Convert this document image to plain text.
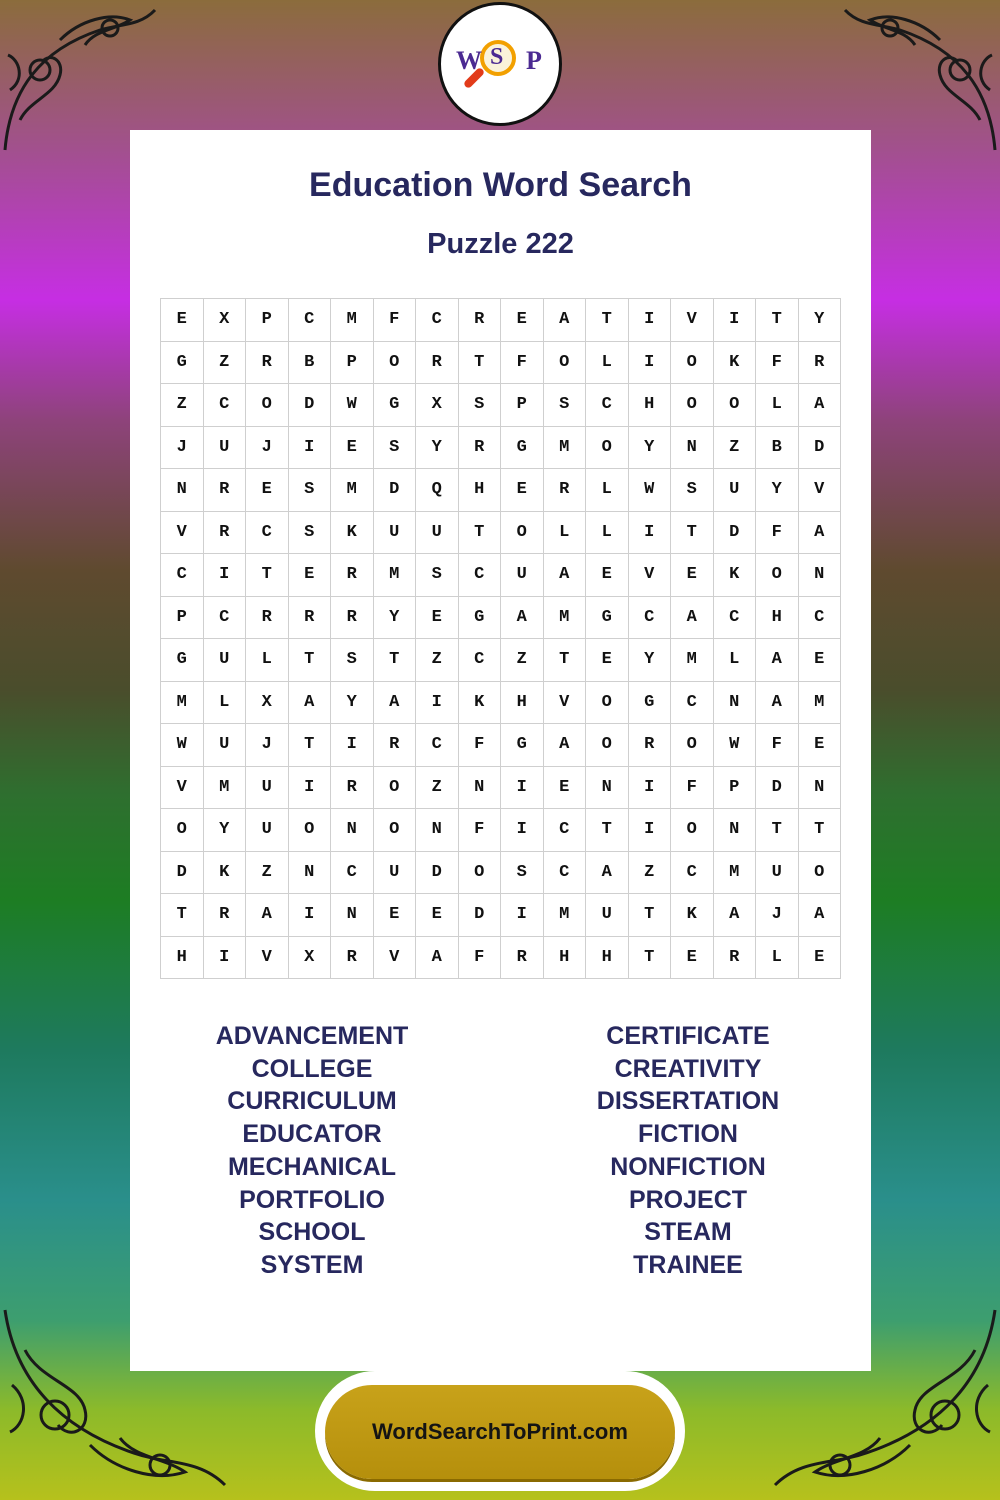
W S P
Education Word Search
Puzzle 222
E	X	P	C	M	F	C	R	E	A	T	I	V	I	T	Y
G	Z	R	B	P	O	R	T	F	O	L	I	O	K	F	R
Z	C	O	D	W	G	X	S	P	S	C	H	O	O	L	A
J	U	J	I	E	S	Y	R	G	M	O	Y	N	Z	B	D
N	R	E	S	M	D	Q	H	E	R	L	W	S	U	Y	V
V	R	C	S	K	U	U	T	O	L	L	I	T	D	F	A
C	I	T	E	R	M	S	C	U	A	E	V	E	K	O	N
P	C	R	R	R	Y	E	G	A	M	G	C	A	C	H	C
G	U	L	T	S	T	Z	C	Z	T	E	Y	M	L	A	E
M	L	X	A	Y	A	I	K	H	V	O	G	C	N	A	M
W	U	J	T	I	R	C	F	G	A	O	R	O	W	F	E
V	M	U	I	R	O	Z	N	I	E	N	I	F	P	D	N
O	Y	U	O	N	O	N	F	I	C	T	I	O	N	T	T
D	K	Z	N	C	U	D	O	S	C	A	Z	C	M	U	O
T	R	A	I	N	E	E	D	I	M	U	T	K	A	J	A
H	I	V	X	R	V	A	F	R	H	H	T	E	R	L	E
ADVANCEMENT
COLLEGE
CURRICULUM
EDUCATOR
MECHANICAL
PORTFOLIO
SCHOOL
SYSTEM
CERTIFICATE
CREATIVITY
DISSERTATION
FICTION
NONFICTION
PROJECT
STEAM
TRAINEE
WordSearchToPrint.com
